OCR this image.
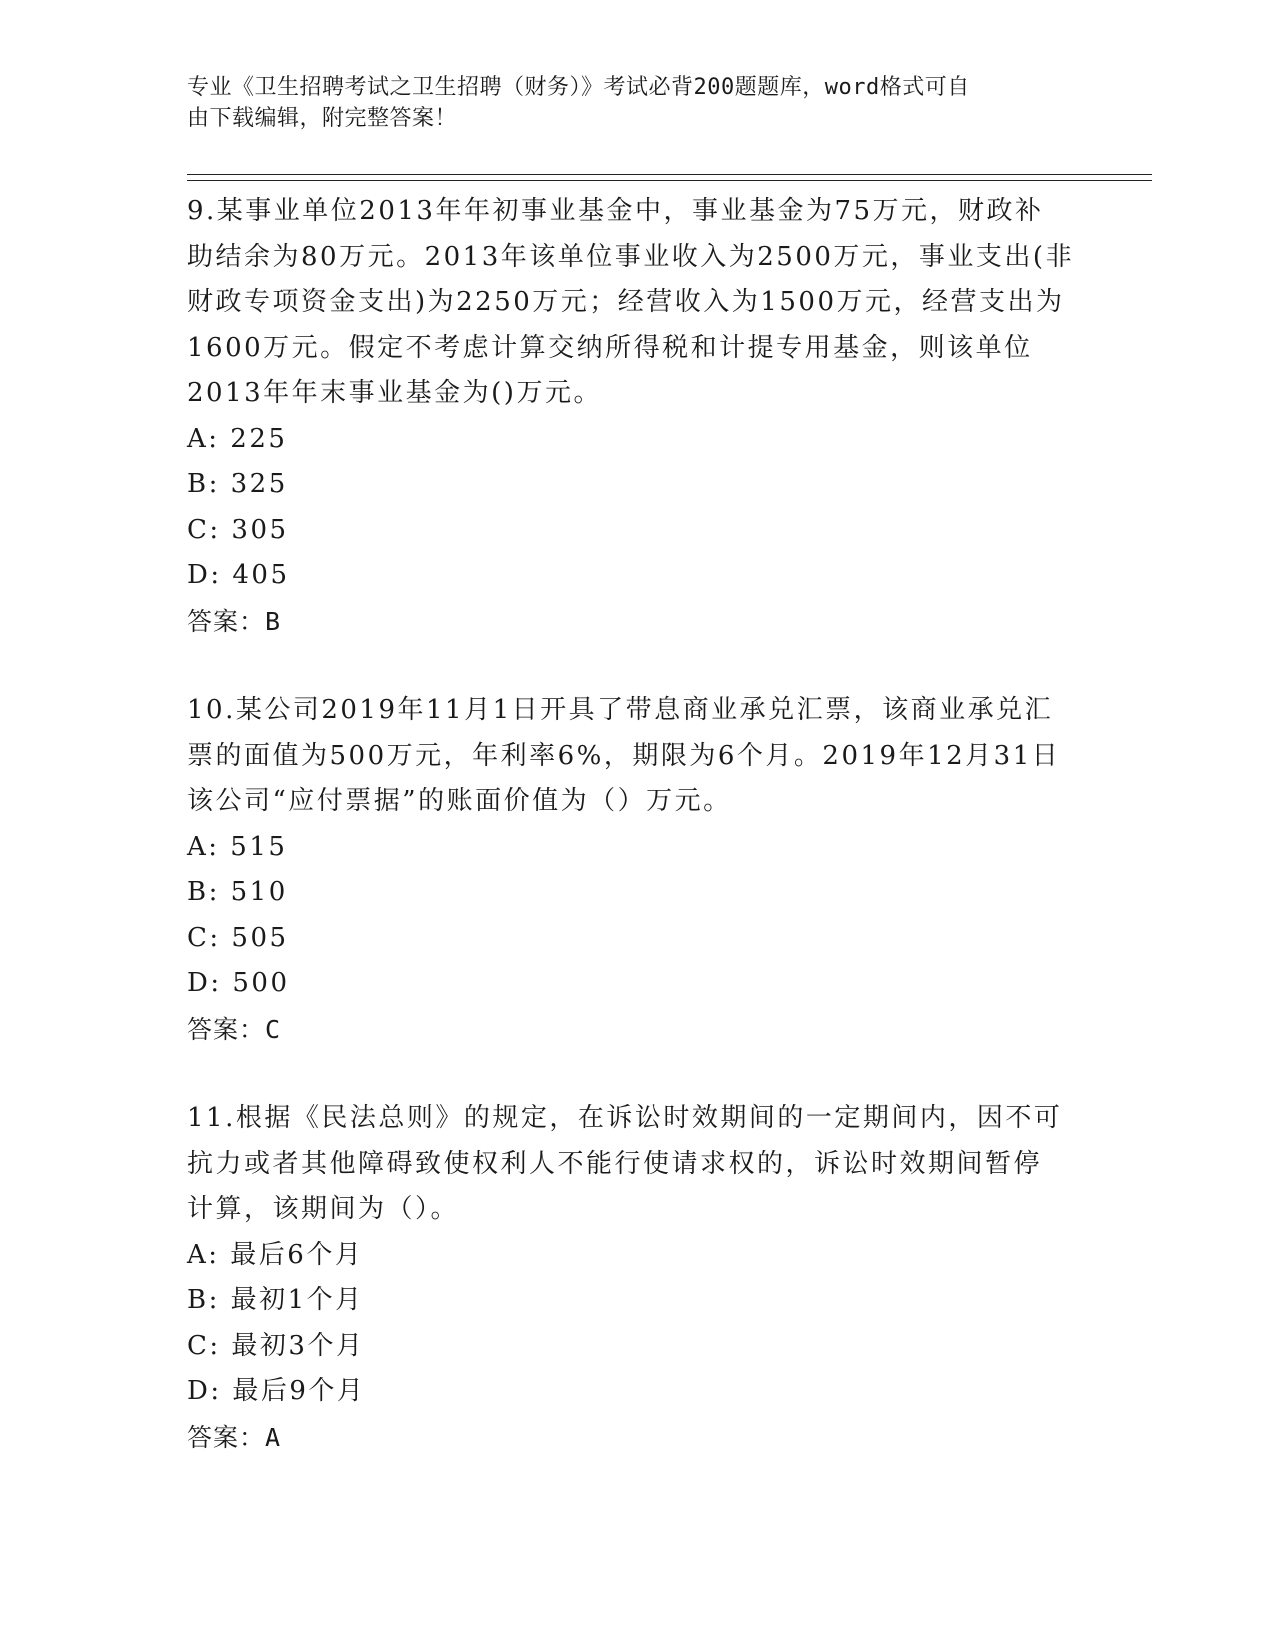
专业《卫生招聘考试之卫生招聘（财务）》考试必背200题题库，word格式可自
由下载编辑，附完整答案！
9.某事业单位2013年年初事业基金中，事业基金为75万元，财政补
助结余为80万元。2013年该单位事业收入为2500万元，事业支出(非
财政专项资金支出)为2250万元；经营收入为1500万元，经营支出为
1600万元。假定不考虑计算交纳所得税和计提专用基金，则该单位
2013年年末事业基金为()万元。
A: 225
B: 325
C: 305
D: 405
答案：B
10.某公司2019年11月1日开具了带息商业承兑汇票，该商业承兑汇
票的面值为500万元，年利率6%，期限为6个月。2019年12月31日
该公司“应付票据”的账面价值为（）万元。
A: 515
B: 510
C: 505
D: 500
答案：C
11.根据《民法总则》的规定，在诉讼时效期间的一定期间内，因不可
抗力或者其他障碍致使权利人不能行使请求权的，诉讼时效期间暂停
计算，该期间为（）。
A: 最后6个月
B: 最初1个月
C: 最初3个月
D: 最后9个月
答案：A
